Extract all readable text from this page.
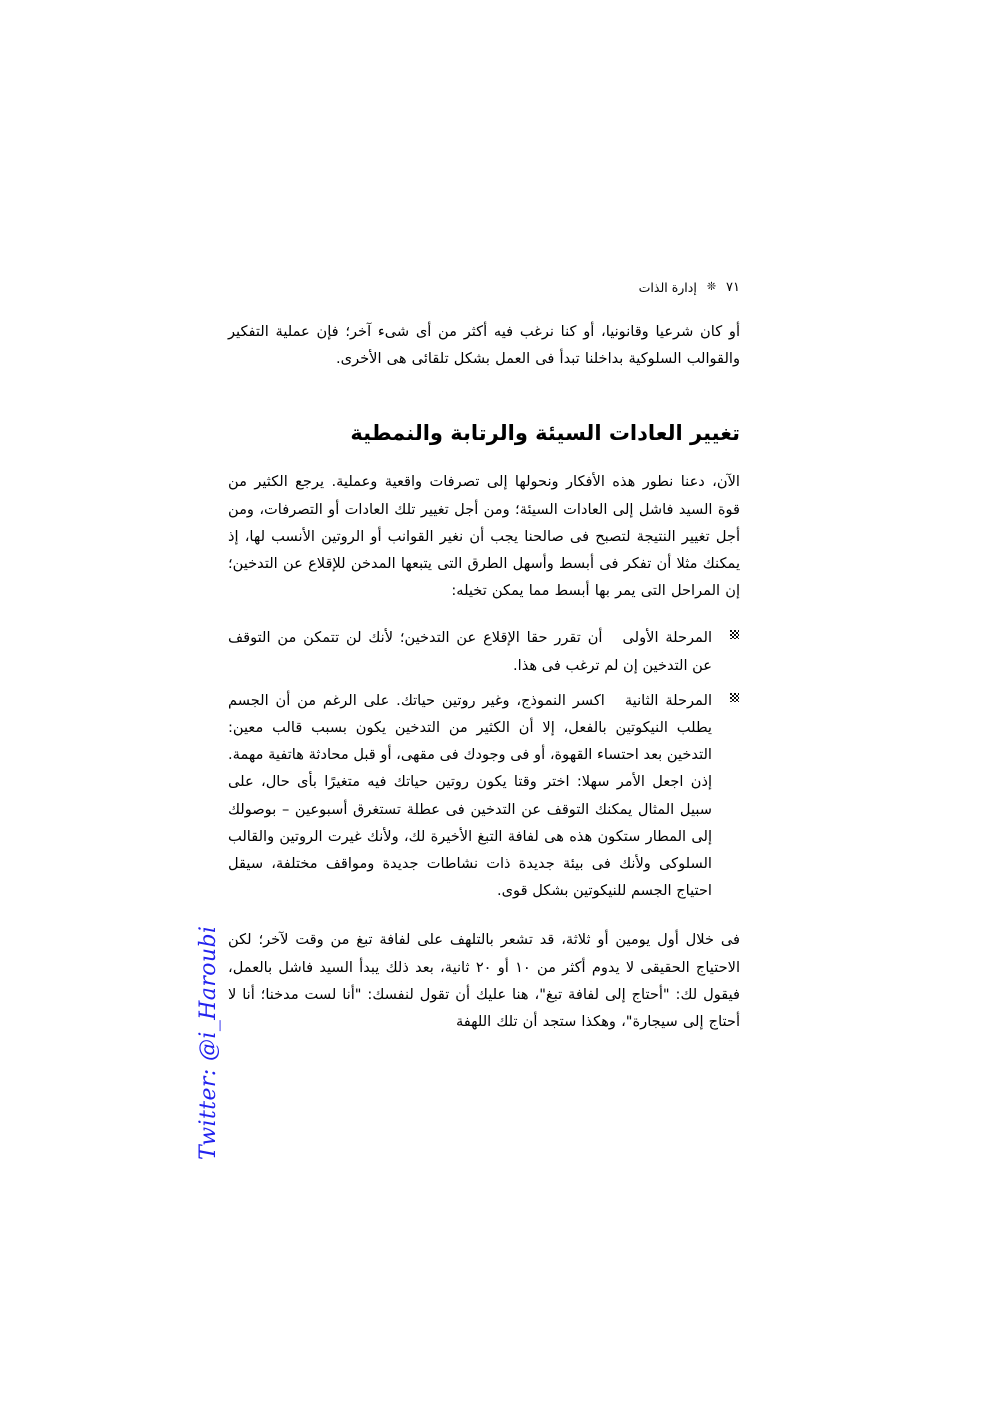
٧١
❊
إدارة الذات

أو كان شرعيا وقانونيا، أو كنا نرغب فيه أكثر من أى شىء آخر؛ فإن عملية التفكير والقوالب السلوكية بداخلنا تبدأ فى العمل بشكل تلقائى هى الأخرى.

تغيير العادات السيئة والرتابة والنمطية

الآن، دعنا نطور هذه الأفكار ونحولها إلى تصرفات واقعية وعملية. يرجع الكثير من قوة السيد فاشل إلى العادات السيئة؛ ومن أجل تغيير تلك العادات أو التصرفات، ومن أجل تغيير النتيجة لتصبح فى صالحنا يجب أن نغير القوانب أو الروتين الأنسب لها، إذ يمكنك مثلا أن تفكر فى أبسط وأسهل الطرق التى يتبعها المدخن للإقلاع عن التدخين؛ إن المراحل التى يمر بها أبسط مما يمكن تخيله:

المرحلة الأولىأن تقرر حقا الإقلاع عن التدخين؛ لأنك لن تتمكن من التوقف عن التدخين إن لم ترغب فى هذا.
المرحلة الثانيةاكسر النموذج، وغير روتين حياتك. على الرغم من أن الجسم يطلب النيكوتين بالفعل، إلا أن الكثير من التدخين يكون بسبب قالب معين: التدخين بعد احتساء القهوة، أو فى وجودك فى مقهى، أو قبل محادثة هاتفية مهمة. إذن اجعل الأمر سهلا: اختر وقتا يكون روتين حياتك فيه متغيرًا بأى حال، على سبيل المثال يمكنك التوقف عن التدخين فى عطلة تستغرق أسبوعين – بوصولك إلى المطار ستكون هذه هى لفافة التبغ الأخيرة لك، ولأنك غيرت الروتين والقالب السلوكى ولأنك فى بيئة جديدة ذات نشاطات جديدة ومواقف مختلفة، سيقل احتياج الجسم للنيكوتين بشكل قوى.

فى خلال أول يومين أو ثلاثة، قد تشعر بالتلهف على لفافة تبغ من وقت لآخر؛ لكن الاحتياج الحقيقى لا يدوم أكثر من ١٠ أو ٢٠ ثانية، بعد ذلك يبدأ السيد فاشل بالعمل، فيقول لك: "أحتاج إلى لفافة تبغ"، هنا عليك أن تقول لنفسك: "أنا لست مدخنا؛ أنا لا أحتاج إلى سيجارة"، وهكذا ستجد أن تلك اللهفة

Twitter: @i_Haroubi
